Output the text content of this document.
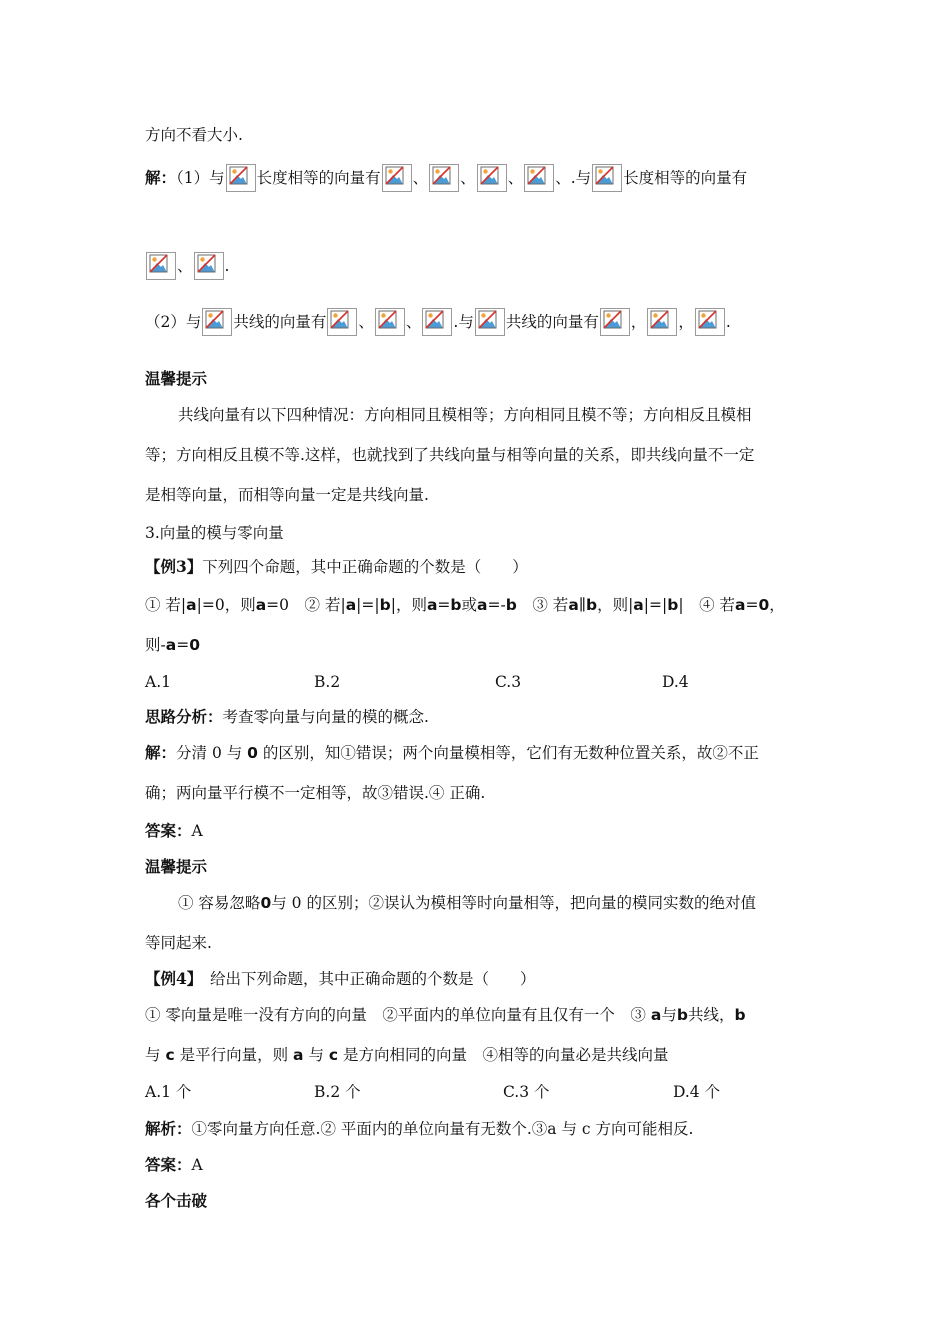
方向不看大小.
解：（1）与 长度相等的向量有 、 、 、 、.与 长度相等的向量有
、 .
（2）与 共线的向量有 、 、 .与 共线的向量有 ， ， .
温馨提示
共线向量有以下四种情况：方向相同且模相等；方向相同且模不等；方向相反且模相
等；方向相反且模不等.这样，也就找到了共线向量与相等向量的关系，即共线向量不一定
是相等向量，而相等向量一定是共线向量.
3.向量的模与零向量
【例3】下列四个命题，其中正确命题的个数是（　　）
① 若|a|=0，则a=0　 ② 若|a|=|b|，则a=b或a=-b　 ③ 若a∥b，则|a|=|b|　 ④ 若a=0，
则-a=0
A.1	B.2	C.3	D.4
思路分析：考查零向量与向量的模的概念.
解：分清 0 与 0 的区别，知①错误；两个向量模相等，它们有无数种位置关系，故②不正
确；两向量平行模不一定相等，故③错误.④ 正确.
答案：A
温馨提示
① 容易忽略0与 0 的区别；②误认为模相等时向量相等，把向量的模同实数的绝对值
等同起来.
【例4】  给出下列命题，其中正确命题的个数是（　　）
① 零向量是唯一没有方向的向量　②平面内的单位向量有且仅有一个　③ a与b共线，b
与 c 是平行向量，则 a 与 c 是方向相同的向量　④相等的向量必是共线向量
A.1 个	B.2 个	C.3 个	D.4 个
解析：①零向量方向任意.② 平面内的单位向量有无数个.③a 与 c 方向可能相反.
答案：A
各个击破
